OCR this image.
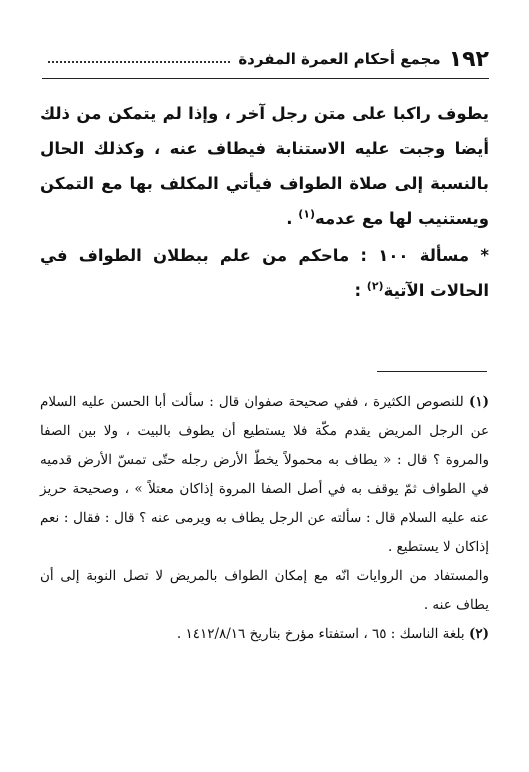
١٩٢
مجمع أحكام العمرة المفردة

يطوف راكبا على متن رجل آخر ، وإذا لم يتمكن من ذلك أيضا وجبت عليه الاستنابة فيطاف عنه ، وكذلك الحال بالنسبة إلى صلاة الطواف فيأتي المكلف بها مع التمكن ويستنيب لها مع عدمه$^{(١)}$ .

* مسألة ١٠٠ : ماحكم من علم ببطلان الطواف في الحالات الآتية$^{(٢)}$ :

(١) للنصوص الكثيرة ، ففي صحيحة صفوان قال : سألت أبا الحسن عليه السلام عن الرجل المريض يقدم مكّة فلا يستطيع أن يطوف بالبيت ، ولا بين الصفا والمروة ؟ قال : « يطاف به محمولاً يخطّ الأرض رجله حتّى تمسّ الأرض قدميه في الطواف ثمّ يوقف به في أصل الصفا المروة إذاكان معتلاً » ، وصحيحة حريز عنه عليه السلام قال : سألته عن الرجل يطاف به ويرمى عنه ؟ قال : فقال : نعم إذاكان لا يستطيع .

والمستفاد من الروايات انّه مع إمكان الطواف بالمريض لا تصل النوبة إلى أن يطاف عنه .

(٢) بلغة الناسك : ٦٥ ، استفتاء مؤرخ بتاريخ ١٤١٢/٨/١٦ .
